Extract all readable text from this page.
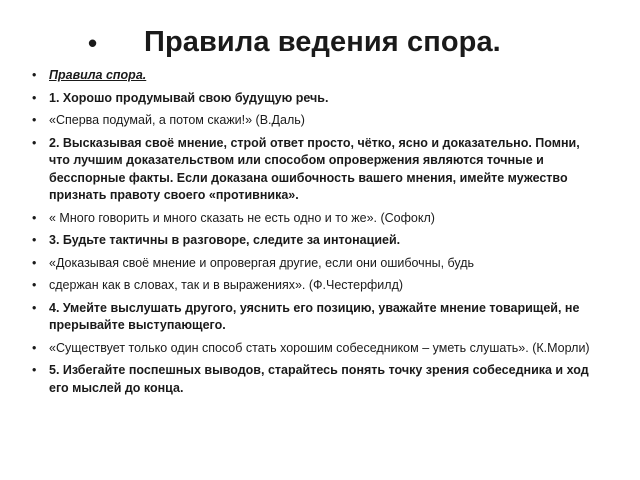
• Правила ведения спора.
• Правила спора.
• 1. Хорошо продумывай свою будущую речь.
• «Сперва подумай, а потом скажи!» (В.Даль)
• 2. Высказывая своё мнение, строй ответ просто, чётко, ясно и доказательно. Помни, что лучшим доказательством или способом опровержения являются точные и бесспорные факты. Если доказана ошибочность вашего мнения, имейте мужество признать правоту своего «противника».
• « Много говорить и много сказать не есть одно и то же». (Софокл)
• 3. Будьте тактичны в разговоре, следите за интонацией.
• «Доказывая своё мнение и опровергая другие, если они ошибочны, будь
• сдержан как в словах, так и в выражениях». (Ф.Честерфилд)
• 4. Умейте выслушать другого, уяснить его позицию, уважайте мнение товарищей, не прерывайте выступающего.
• «Существует только один способ стать хорошим собеседником – уметь слушать». (К.Морли)
• 5. Избегайте поспешных выводов, старайтесь понять точку зрения собеседника и ход его мыслей до конца.
